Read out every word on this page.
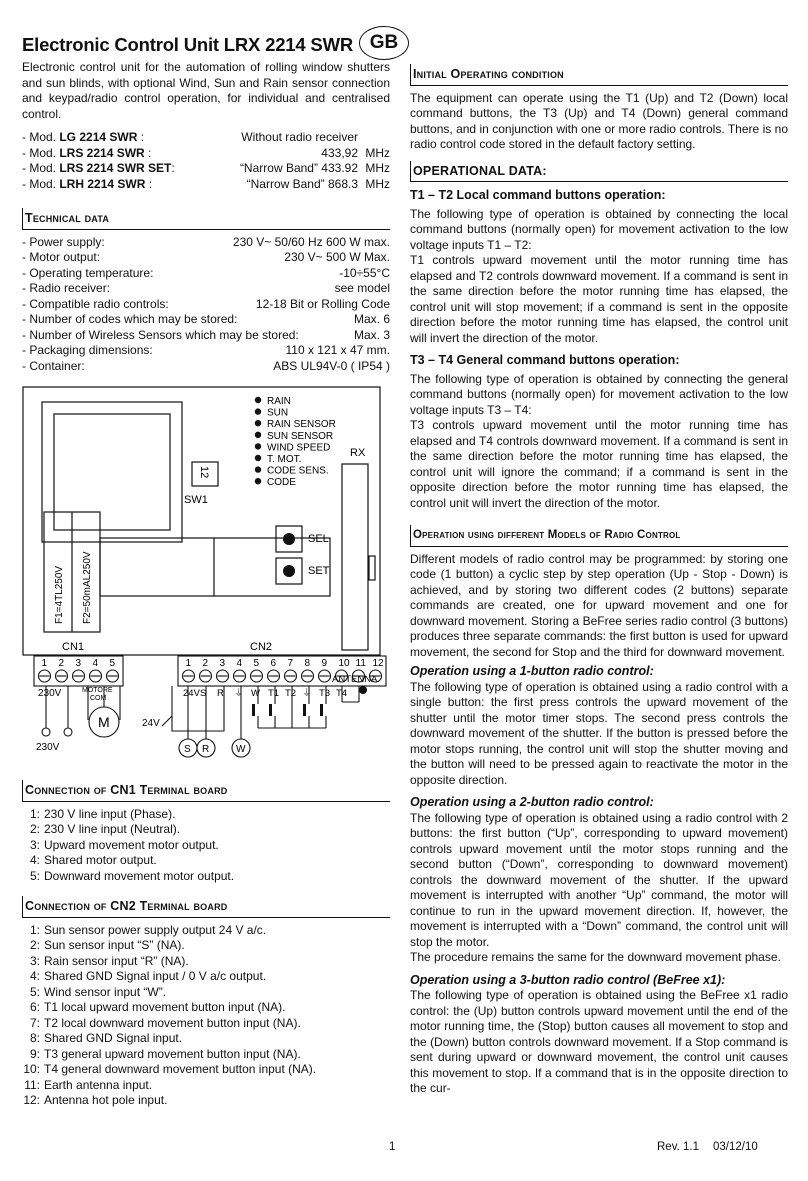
Electronic Control Unit LRX 2214 SWR GB

Electronic control unit for the automation of rolling window shutters and sun blinds, with optional Wind, Sun and Rain sensor connection and keypad/radio control operation, for individual and centralised control.

- Mod. LG 2214 SWR :	Without radio receiver
- Mod. LRS 2214 SWR :	433,92 MHz
- Mod. LRS 2214 SWR SET:	“Narrow Band” 433.92 MHz
- Mod. LRH 2214 SWR :	“Narrow Band” 868.3 MHz
Technical data
- Power supply:	230 V~ 50/60 Hz 600 W max.
- Motor output:	230 V~ 500 W Max.
- Operating temperature:	-10÷55°C
- Radio receiver:	see model
- Compatible radio controls:	12-18 Bit or Rolling Code
- Number of codes which may be stored:	Max. 6
- Number of Wireless Sensors which may be stored:	Max. 3
- Packaging dimensions:	110 x 121 x 47 mm.
- Container:	ABS UL94V-0 ( IP54 )
RAIN
SUN
RAIN SENSOR
SUN SENSOR
WIND SPEED
T. MOT.
CODE SENS.
CODE
RX
12
SW1
SEL
SET
F1=4TL250V F2=50mAL250V
CN1	CN2
1 2 3 4 5
230V	MOTORE
COM
1 2 3 4 5 6 7 8 9 10 11 12
24V S R ⏚ W T1 T2 ⏚ T3 T4
230V
M	24V
S R	W
ANTENNA
Connection of CN1 Terminal board
1: 230 V line input (Phase).
2: 230 V line input (Neutral).
3: Upward movement motor output.
4: Shared motor output.
5: Downward movement motor output.
Connection of CN2 Terminal board
1: Sun sensor power supply output 24 V a/c.
2: Sun sensor input “S” (NA).
3: Rain sensor input “R” (NA).
4: Shared GND Signal input / 0 V a/c output.
5: Wind sensor input “W”.
6: T1 local upward movement button input (NA).
7: T2 local downward movement button input (NA).
8: Shared GND Signal input.
9: T3 general upward movement button input (NA).
10: T4 general downward movement button input (NA).
11: Earth antenna input.
12: Antenna hot pole input.
Initial Operating condition

The equipment can operate using the T1 (Up) and T2 (Down) local command buttons, the T3 (Up) and T4 (Down) general command buttons, and in conjunction with one or more radio controls. There is no radio control code stored in the default factory setting.

OPERATIONAL DATA:
T1 – T2 Local command buttons operation:

The following type of operation is obtained by connecting the local command buttons (normally open) for movement activation to the low voltage inputs T1 – T2:

T1 controls upward movement until the motor running time has elapsed and T2 controls downward movement. If a command is sent in the same direction before the motor running time has elapsed, the control unit will stop movement; if a command is sent in the opposite direction before the motor running time has elapsed, the control unit will invert the direction of the motor.

T3 – T4 General command buttons operation:

The following type of operation is obtained by connecting the general command buttons (normally open) for movement activation to the low voltage inputs T3 – T4:

T3 controls upward movement until the motor running time has elapsed and T4 controls downward movement. If a command is sent in the same direction before the motor running time has elapsed, the control unit will ignore the command; if a command is sent in the opposite direction before the motor running time has elapsed, the control unit will invert the direction of the motor.

Operation using different Models of Radio Control

Different models of radio control may be programmed: by storing one code (1 button) a cyclic step by step operation (Up - Stop - Down) is achieved, and by storing two different codes (2 buttons) separate commands are created, one for upward movement and one for downward movement. Storing a BeFree series radio control (3 buttons) produces three separate commands: the first button is used for upward movement, the second for Stop and the third for downward movement.

Operation using a 1-button radio control:

The following type of operation is obtained using a radio control with a single button: the first press controls the upward movement of the shutter until the motor timer stops. The second press controls the downward movement of the shutter. If the button is pressed before the motor stops running, the control unit will stop the shutter moving and the button will need to be pressed again to reactivate the motor in the opposite direction.

Operation using a 2-button radio control:

The following type of operation is obtained using a radio control with 2 buttons: the first button (“Up”, corresponding to upward movement) controls upward movement until the motor stops running and the second button (“Down”, corresponding to downward movement) controls the downward movement of the shutter. If the upward movement is interrupted with another “Up” command, the motor will continue to run in the upward movement direction. If, however, the movement is interrupted with a “Down” command, the control unit will stop the motor.

The procedure remains the same for the downward movement phase.

Operation using a 3-button radio control (BeFree x1):

The following type of operation is obtained using the BeFree x1 radio control: the (Up) button controls upward movement until the end of the motor running time, the (Stop) button causes all movement to stop and the (Down) button controls downward movement. If a Stop command is sent during upward or downward movement, the control unit causes this movement to stop. If a command that is in the opposite direction to the cur-

1	Rev. 1.1 03/12/10
